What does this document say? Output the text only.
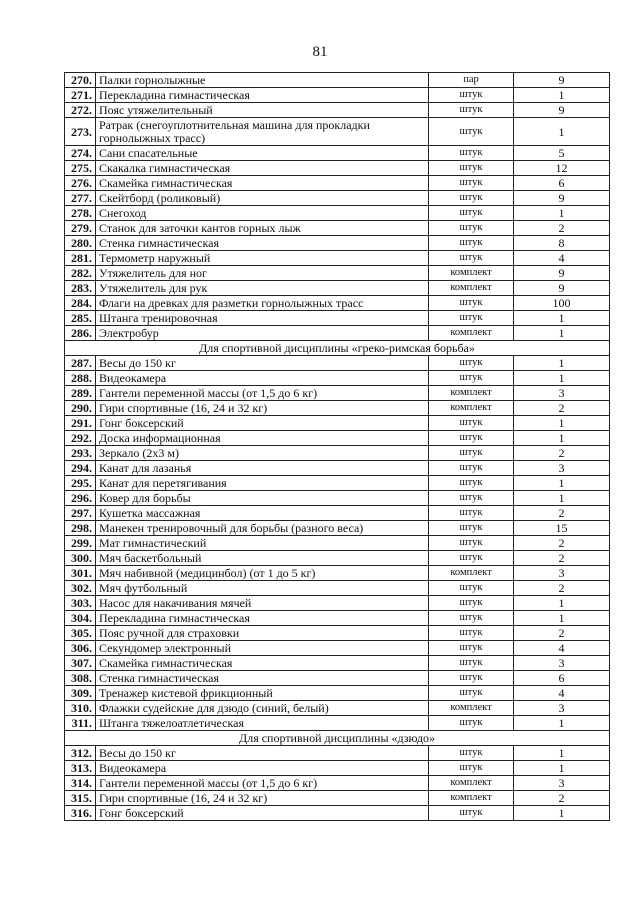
81
270.	Палки горнолыжные	пар	9
271.	Перекладина гимнастическая	штук	1
272.	Пояс утяжелительный	штук	9
273.	Ратрак (снегоуплотнительная машина для прокладки горнолыжных трасс)	штук	1
274.	Сани спасательные	штук	5
275.	Скакалка гимнастическая	штук	12
276.	Скамейка гимнастическая	штук	6
277.	Скейтборд (роликовый)	штук	9
278.	Снегоход	штук	1
279.	Станок для заточки кантов горных лыж	штук	2
280.	Стенка гимнастическая	штук	8
281.	Термометр наружный	штук	4
282.	Утяжелитель для ног	комплект	9
283.	Утяжелитель для рук	комплект	9
284.	Флаги на древках для разметки горнолыжных трасс	штук	100
285.	Штанга тренировочная	штук	1
286.	Электробур	комплект	1
Для спортивной дисциплины «греко-римская борьба»			
287.	Весы до 150 кг	штук	1
288.	Видеокамера	штук	1
289.	Гантели переменной массы (от 1,5 до 6 кг)	комплект	3
290.	Гири спортивные (16, 24 и 32 кг)	комплект	2
291.	Гонг боксерский	штук	1
292.	Доска информационная	штук	1
293.	Зеркало (2х3 м)	штук	2
294.	Канат для лазанья	штук	3
295.	Канат для перетягивания	штук	1
296.	Ковер для борьбы	штук	1
297.	Кушетка массажная	штук	2
298.	Манекен тренировочный для борьбы (разного веса)	штук	15
299.	Мат гимнастический	штук	2
300.	Мяч баскетбольный	штук	2
301.	Мяч набивной (медицинбол) (от 1 до 5 кг)	комплект	3
302.	Мяч футбольный	штук	2
303.	Насос для накачивания мячей	штук	1
304.	Перекладина гимнастическая	штук	1
305.	Пояс ручной для страховки	штук	2
306.	Секундомер электронный	штук	4
307.	Скамейка гимнастическая	штук	3
308.	Стенка гимнастическая	штук	6
309.	Тренажер кистевой фрикционный	штук	4
310.	Флажки судейские для дзюдо (синий, белый)	комплект	3
311.	Штанга тяжелоатлетическая	штук	1
Для спортивной дисциплины «дзюдо»			
312.	Весы до 150 кг	штук	1
313.	Видеокамера	штук	1
314.	Гантели переменной массы (от 1,5 до 6 кг)	комплект	3
315.	Гири спортивные (16, 24 и 32 кг)	комплект	2
316.	Гонг боксерский	штук	1
